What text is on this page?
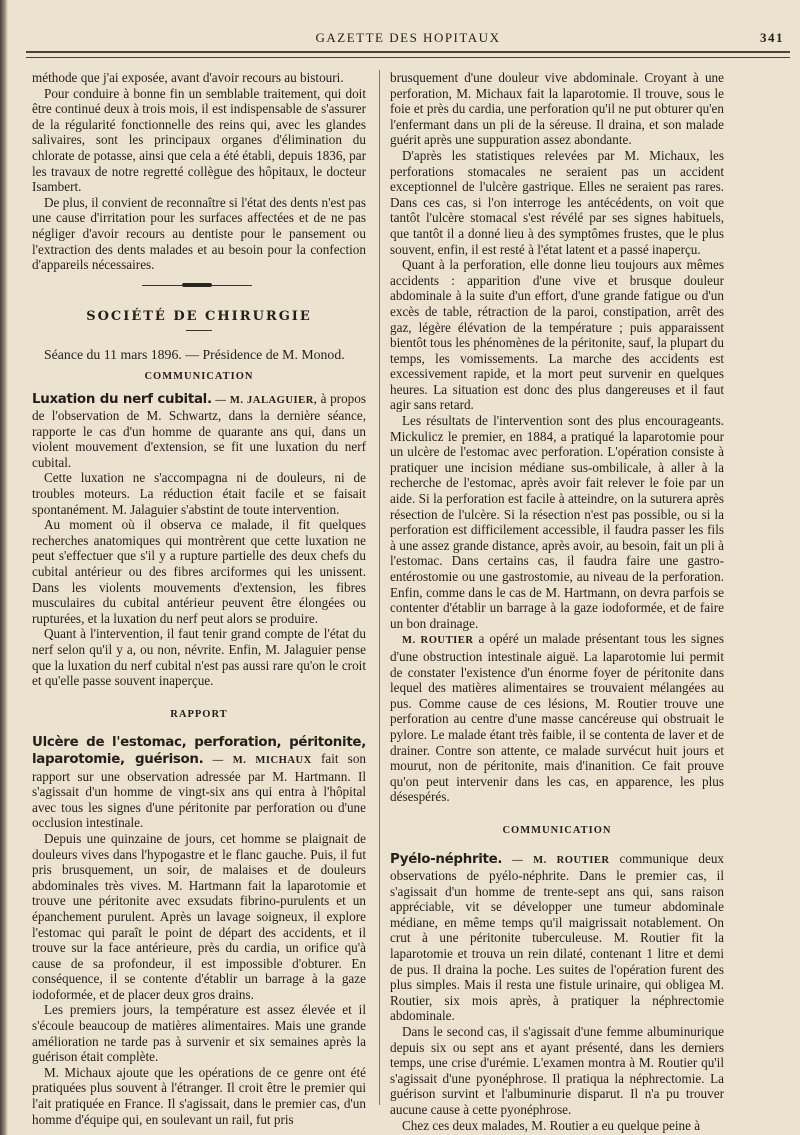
GAZETTE DES HOPITAUX	341

méthode que j'ai exposée, avant d'avoir recours au bistouri.

Pour conduire à bonne fin un semblable traitement, qui doit être continué deux à trois mois, il est indispensable de s'assurer de la régularité fonctionnelle des reins qui, avec les glandes salivaires, sont les principaux organes d'élimination du chlorate de potasse, ainsi que cela a été établi, depuis 1836, par les travaux de notre regretté collègue des hôpitaux, le docteur Isambert.

De plus, il convient de reconnaître si l'état des dents n'est pas une cause d'irritation pour les surfaces affectées et de ne pas négliger d'avoir recours au dentiste pour le pansement ou l'extraction des dents malades et au besoin pour la confection d'appareils nécessaires.

SOCIÉTÉ DE CHIRURGIE

Séance du 11 mars 1896. — Présidence de M. Monod.

COMMUNICATION

Luxation du nerf cubital. — M. JALAGUIER, à propos de l'observation de M. Schwartz, dans la dernière séance, rapporte le cas d'un homme de quarante ans qui, dans un violent mouvement d'extension, se fit une luxation du nerf cubital.

Cette luxation ne s'accompagna ni de douleurs, ni de troubles moteurs. La réduction était facile et se faisait spontanément. M. Jalaguier s'abstint de toute intervention.

Au moment où il observa ce malade, il fit quelques recherches anatomiques qui montrèrent que cette luxation ne peut s'effectuer que s'il y a rupture partielle des deux chefs du cubital antérieur ou des fibres arciformes qui les unissent. Dans les violents mouvements d'extension, les fibres musculaires du cubital antérieur peuvent être élongées ou rupturées, et la luxation du nerf peut alors se produire.

Quant à l'intervention, il faut tenir grand compte de l'état du nerf selon qu'il y a, ou non, névrite. Enfin, M. Jalaguier pense que la luxation du nerf cubital n'est pas aussi rare qu'on le croit et qu'elle passe souvent inaperçue.

RAPPORT

Ulcère de l'estomac, perforation, péritonite, laparotomie, guérison. — M. MICHAUX fait son rapport sur une observation adressée par M. Hartmann. Il s'agissait d'un homme de vingt-six ans qui entra à l'hôpital avec tous les signes d'une péritonite par perforation ou d'une occlusion intestinale.

Depuis une quinzaine de jours, cet homme se plaignait de douleurs vives dans l'hypogastre et le flanc gauche. Puis, il fut pris brusquement, un soir, de malaises et de douleurs abdominales très vives. M. Hartmann fait la laparotomie et trouve une péritonite avec exsudats fibrino-purulents et un épanchement purulent. Après un lavage soigneux, il explore l'estomac qui paraît le point de départ des accidents, et il trouve sur la face antérieure, près du cardia, un orifice qu'à cause de sa profondeur, il est impossible d'obturer. En conséquence, il se contente d'établir un barrage à la gaze iodoformée, et de placer deux gros drains.

Les premiers jours, la température est assez élevée et il s'écoule beaucoup de matières alimentaires. Mais une grande amélioration ne tarde pas à survenir et six semaines après la guérison était complète.

M. Michaux ajoute que les opérations de ce genre ont été pratiquées plus souvent à l'étranger. Il croit être le premier qui l'ait pratiquée en France. Il s'agissait, dans le premier cas, d'un homme d'équipe qui, en soulevant un rail, fut pris

brusquement d'une douleur vive abdominale. Croyant à une perforation, M. Michaux fait la laparotomie. Il trouve, sous le foie et près du cardia, une perforation qu'il ne put obturer qu'en l'enfermant dans un pli de la séreuse. Il draina, et son malade guérit après une suppuration assez abondante.

D'après les statistiques relevées par M. Michaux, les perforations stomacales ne seraient pas un accident exceptionnel de l'ulcère gastrique. Elles ne seraient pas rares. Dans ces cas, si l'on interroge les antécédents, on voit que tantôt l'ulcère stomacal s'est révélé par ses signes habituels, que tantôt il a donné lieu à des symptômes frustes, que le plus souvent, enfin, il est resté à l'état latent et a passé inaperçu.

Quant à la perforation, elle donne lieu toujours aux mêmes accidents : apparition d'une vive et brusque douleur abdominale à la suite d'un effort, d'une grande fatigue ou d'un excès de table, rétraction de la paroi, constipation, arrêt des gaz, légère élévation de la température ; puis apparaissent bientôt tous les phénomènes de la péritonite, sauf, la plupart du temps, les vomissements. La marche des accidents est excessivement rapide, et la mort peut survenir en quelques heures. La situation est donc des plus dangereuses et il faut agir sans retard.

Les résultats de l'intervention sont des plus encourageants. Mickulicz le premier, en 1884, a pratiqué la laparotomie pour un ulcère de l'estomac avec perforation. L'opération consiste à pratiquer une incision médiane sus-ombilicale, à aller à la recherche de l'estomac, après avoir fait relever le foie par un aide. Si la perforation est facile à atteindre, on la suturera après résection de l'ulcère. Si la résection n'est pas possible, ou si la perforation est difficilement accessible, il faudra passer les fils à une assez grande distance, après avoir, au besoin, fait un pli à l'estomac. Dans certains cas, il faudra faire une gastro-entérostomie ou une gastrostomie, au niveau de la perforation. Enfin, comme dans le cas de M. Hartmann, on devra parfois se contenter d'établir un barrage à la gaze iodoformée, et de faire un bon drainage.

M. ROUTIER a opéré un malade présentant tous les signes d'une obstruction intestinale aiguë. La laparotomie lui permit de constater l'existence d'un énorme foyer de péritonite dans lequel des matières alimentaires se trouvaient mélangées au pus. Comme cause de ces lésions, M. Routier trouve une perforation au centre d'une masse cancéreuse qui obstruait le pylore. Le malade étant très faible, il se contenta de laver et de drainer. Contre son attente, ce malade survécut huit jours et mourut, non de péritonite, mais d'inanition. Ce fait prouve qu'on peut intervenir dans les cas, en apparence, les plus désespérés.

COMMUNICATION

Pyélo-néphrite. — M. ROUTIER communique deux observations de pyélo-néphrite. Dans le premier cas, il s'agissait d'un homme de trente-sept ans qui, sans raison appréciable, vit se développer une tumeur abdominale médiane, en même temps qu'il maigrissait notablement. On crut à une péritonite tuberculeuse. M. Routier fit la laparotomie et trouva un rein dilaté, contenant 1 litre et demi de pus. Il draina la poche. Les suites de l'opération furent des plus simples. Mais il resta une fistule urinaire, qui obligea M. Routier, six mois après, à pratiquer la néphrectomie abdominale.

Dans le second cas, il s'agissait d'une femme albuminurique depuis six ou sept ans et ayant présenté, dans les derniers temps, une crise d'urémie. L'examen montra à M. Routier qu'il s'agissait d'une pyonéphrose. Il pratiqua la néphrectomie. La guérison survint et l'albuminurie disparut. Il n'a pu trouver aucune cause à cette pyonéphrose.

Chez ces deux malades, M. Routier a eu quelque peine à
